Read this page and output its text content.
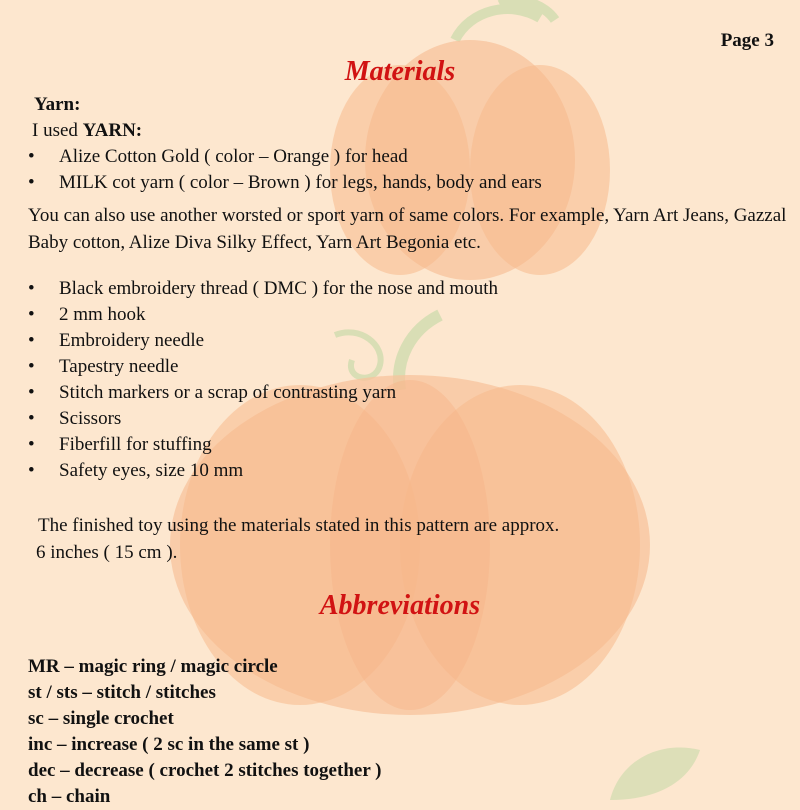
Page 3
Materials
Yarn:
I used YARN:
• Alize Cotton Gold ( color – Orange ) for head
• MILK cot yarn ( color – Brown ) for legs, hands, body and ears
You can also use another worsted or sport yarn of same colors. For example, Yarn Art Jeans, Gazzal Baby cotton, Alize Diva Silky Effect, Yarn Art Begonia etc.
• Black embroidery thread ( DMC ) for the nose and mouth
• 2 mm hook
• Embroidery needle
• Tapestry needle
• Stitch markers or a scrap of contrasting yarn
• Scissors
• Fiberfill for stuffing
• Safety eyes, size 10 mm
The finished toy using the materials stated in this pattern are approx.
6 inches ( 15 cm ).
Abbreviations
MR – magic ring / magic circle
st / sts – stitch / stitches
sc – single crochet
inc – increase ( 2 sc in the same st )
dec – decrease ( crochet 2 stitches together )
ch – chain
